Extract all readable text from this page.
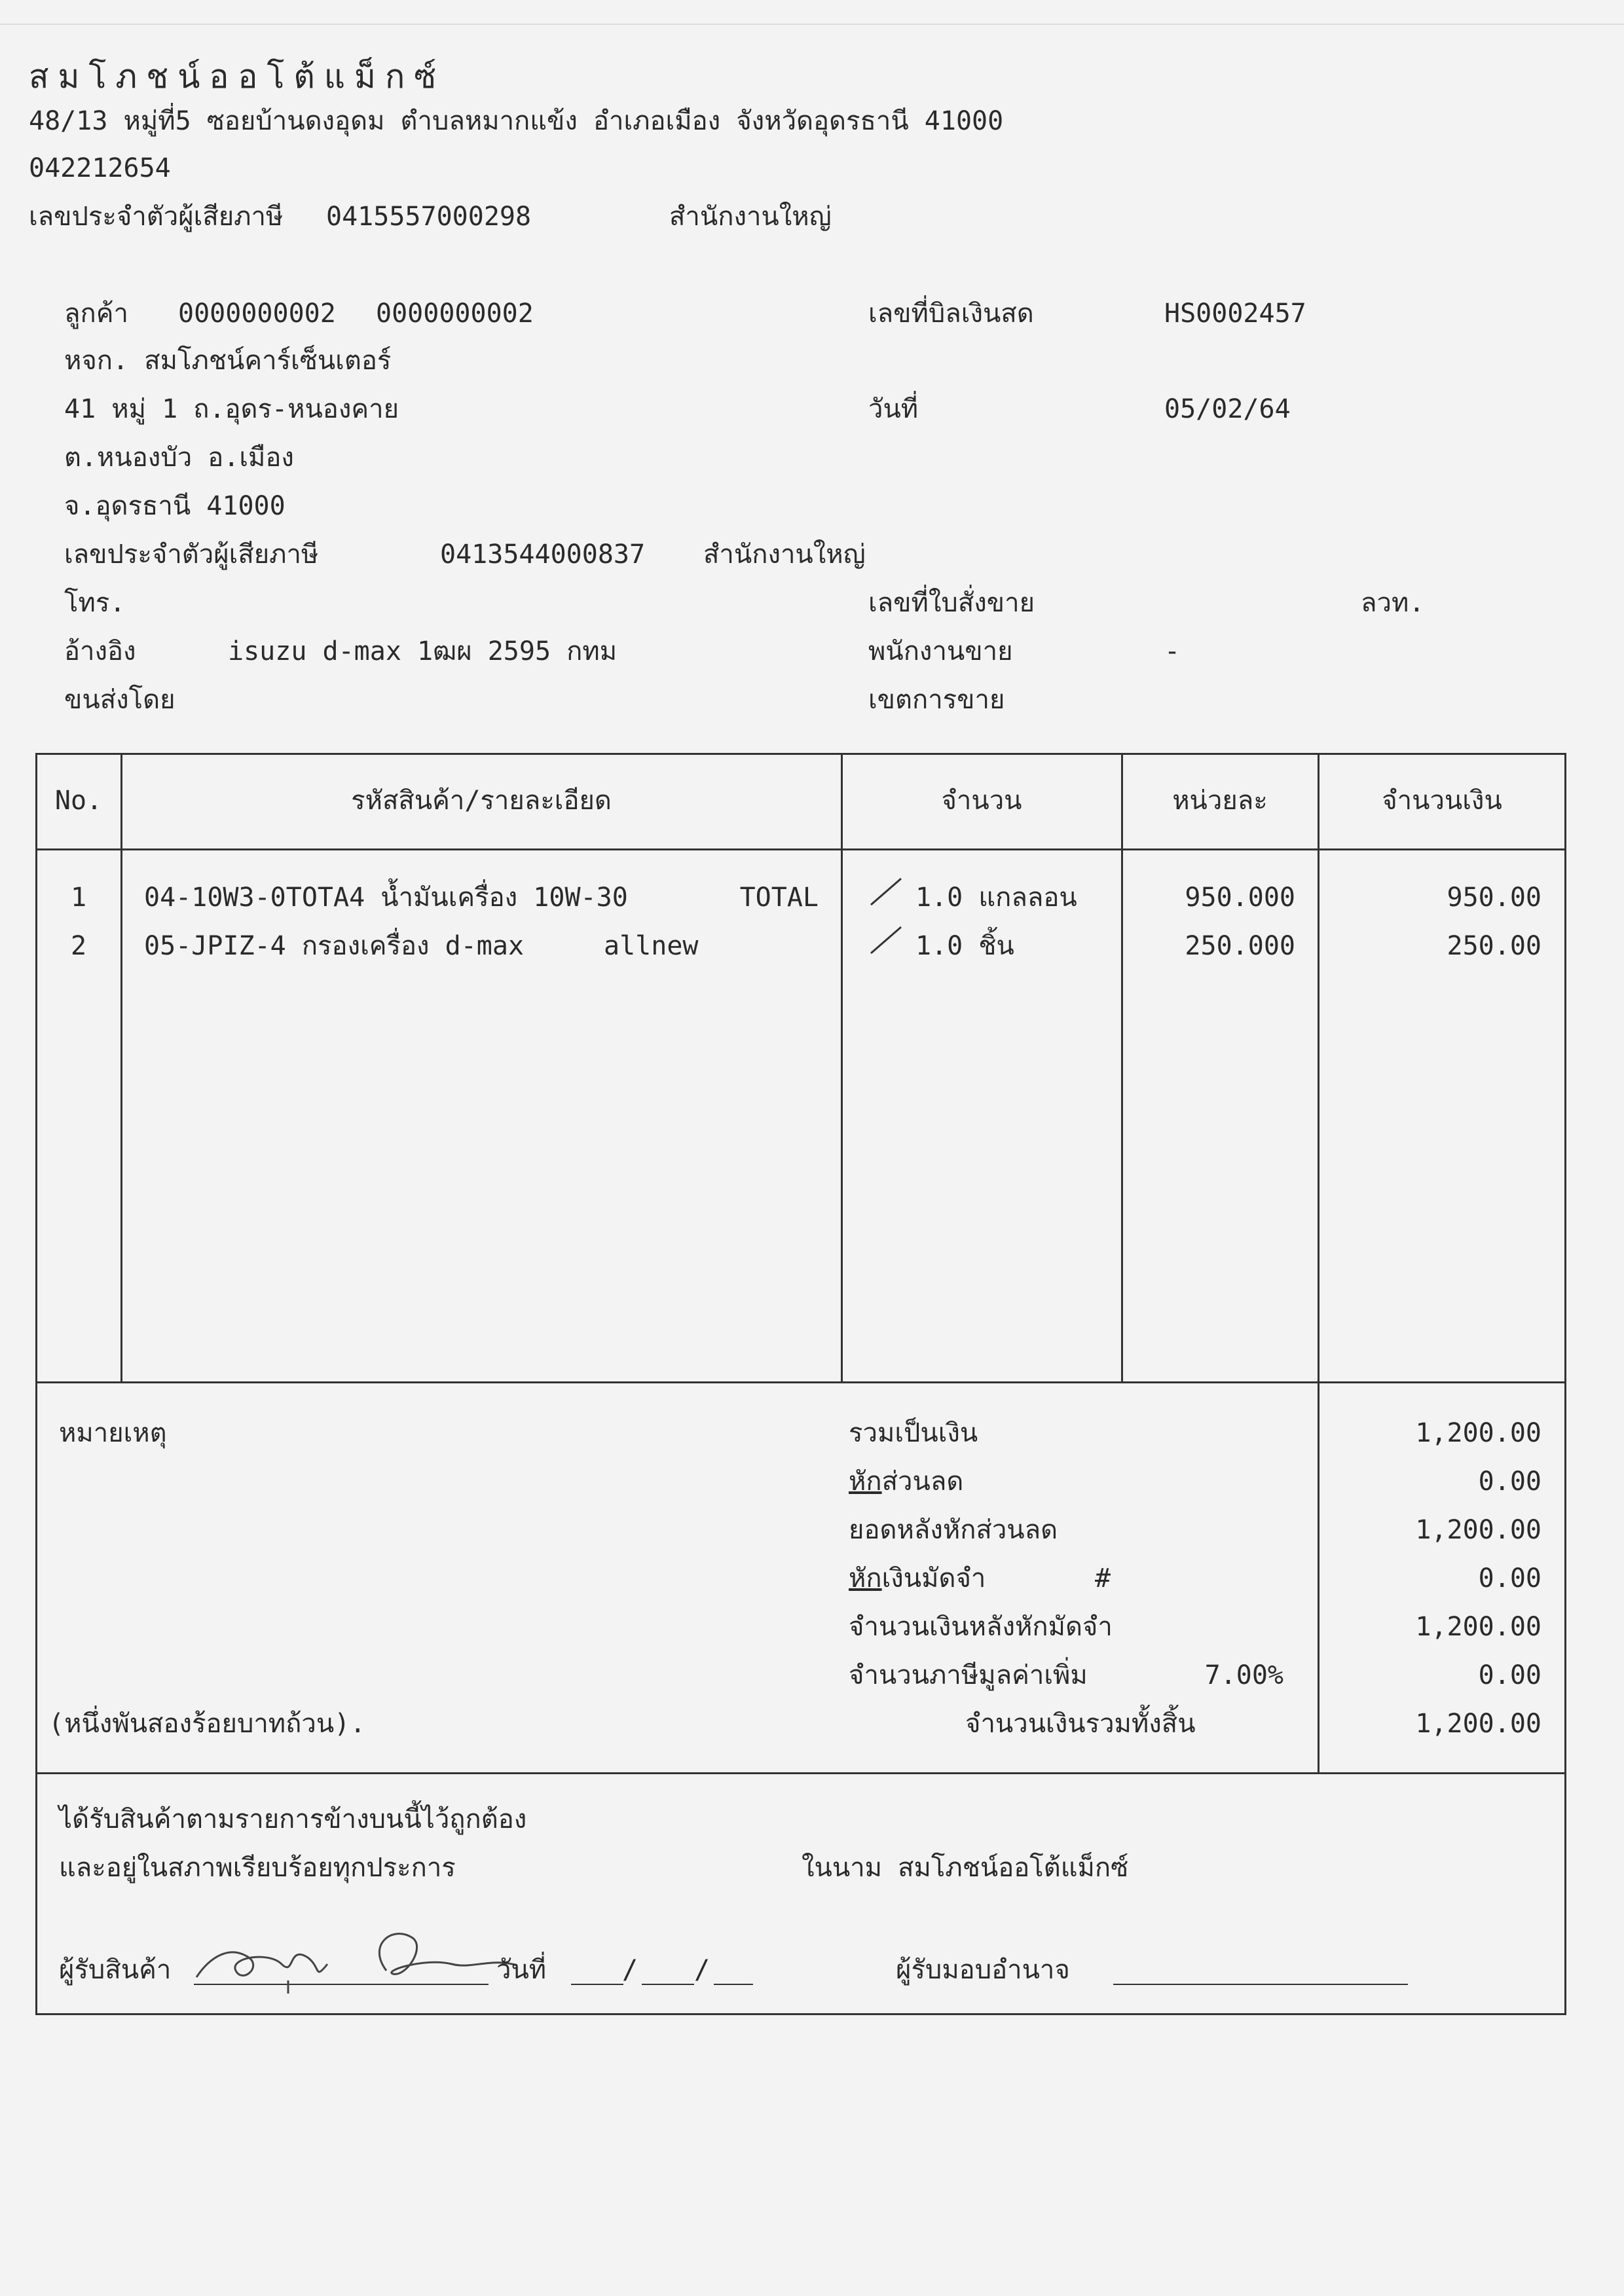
สมโภชน์ออโต้แม็กซ์
48/13 หมู่ที่5 ซอยบ้านดงอุดม ตำบลหมากแข้ง อำเภอเมือง จังหวัดอุดรธานี 41000
042212654
เลขประจำตัวผู้เสียภาษี 0415557000298	สำนักงานใหญ่
ลูกค้า 0000000002 0000000002
หจก. สมโภชน์คาร์เซ็นเตอร์
41 หมู่ 1 ถ.อุดร-หนองคาย
ต.หนองบัว อ.เมือง
จ.อุดรธานี 41000
เลขประจำตัวผู้เสียภาษี	0413544000837 สำนักงานใหญ่
โทร.
อ้างอิง	isuzu d-max 1ฒผ 2595 กทม
ขนส่งโดย
เลขที่บิลเงินสด	HS0002457
วันที่	05/02/64
เลขที่ใบสั่งขาย	ลวท.
พนักงานขาย	-
เขตการขาย
No.	รหัสสินค้า/รายละเอียด	จำนวน	หน่วยละ	จำนวนเงิน
1	04-10W3-0TOTA4 น้ำมันเครื่อง 10W-30	TOTAL	1.0 แกลลอน	950.000	950.00
2	05-JPIZ-4 กรองเครื่อง d-max	allnew	1.0 ชิ้น	250.000	250.00
หมายเหตุ
(หนึ่งพันสองร้อยบาทถ้วน).
รวมเป็นเงิน	1,200.00
หักส่วนลด	0.00
ยอดหลังหักส่วนลด	1,200.00
หักเงินมัดจำ	#	0.00
จำนวนเงินหลังหักมัดจำ	1,200.00
จำนวนภาษีมูลค่าเพิ่ม	7.00%	0.00
จำนวนเงินรวมทั้งสิ้น	1,200.00
ได้รับสินค้าตามรายการข้างบนนี้ไว้ถูกต้อง
และอยู่ในสภาพเรียบร้อยทุกประการ	ในนาม สมโภชน์ออโต้แม็กซ์
ผู้รับสินค้า	วันที่	/ /	ผู้รับมอบอำนาจ
